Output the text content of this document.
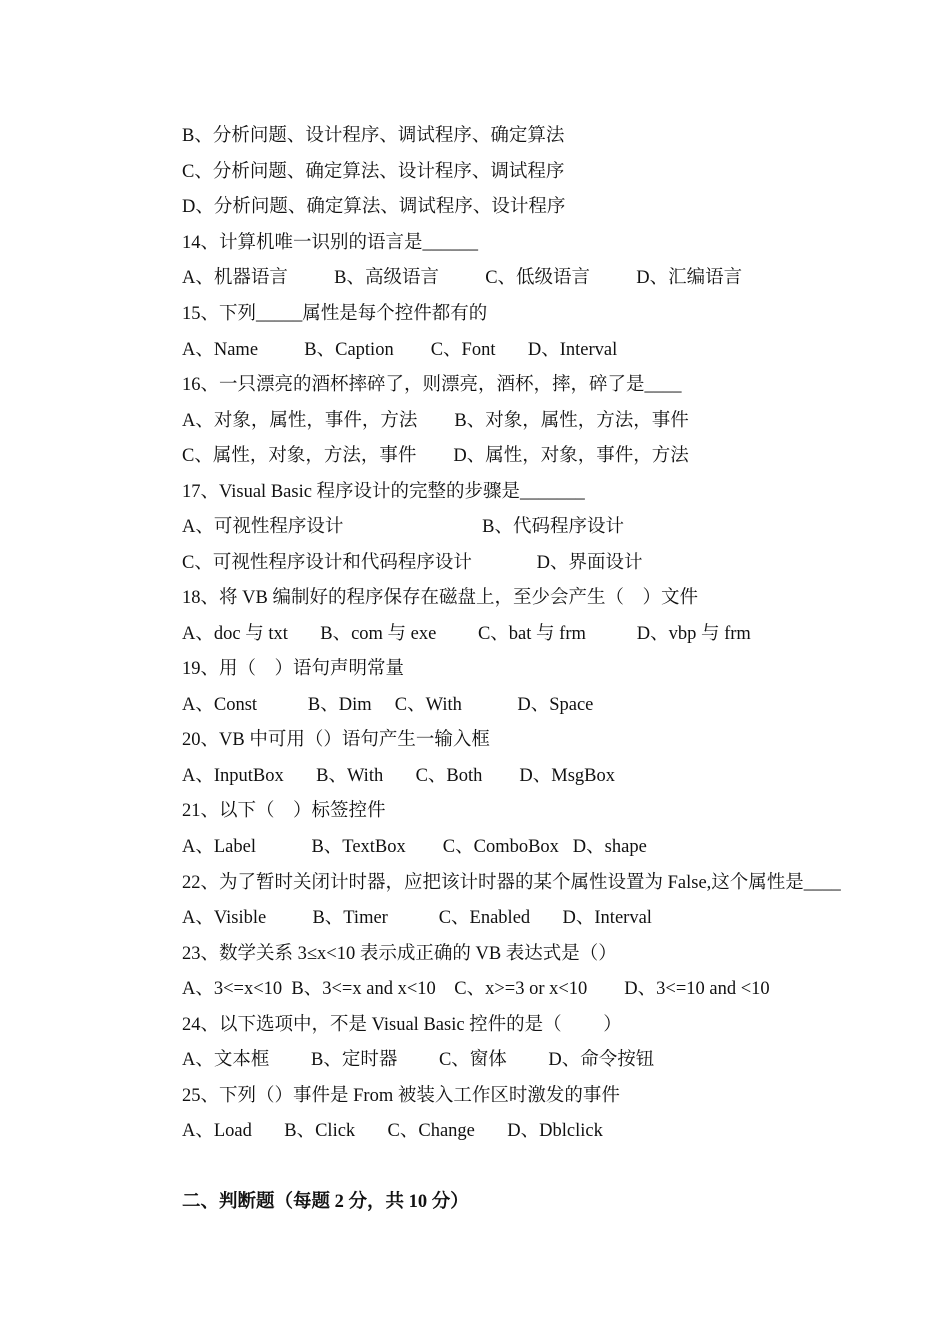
B、分析问题、设计程序、调试程序、确定算法
C、分析问题、确定算法、设计程序、调试程序
D、分析问题、确定算法、调试程序、设计程序
14、计算机唯一识别的语言是______
A、机器语言          B、高级语言          C、低级语言          D、汇编语言
15、下列_____属性是每个控件都有的
A、Name          B、Caption        C、Font       D、Interval
16、一只漂亮的酒杯摔碎了，则漂亮，酒杯，摔，碎了是____
A、对象，属性，事件，方法        B、对象，属性，方法，事件
C、属性，对象，方法，事件        D、属性，对象，事件，方法
17、Visual Basic 程序设计的完整的步骤是_______
A、可视性程序设计                              B、代码程序设计
C、可视性程序设计和代码程序设计              D、界面设计
18、将 VB 编制好的程序保存在磁盘上，至少会产生（    ）文件
A、doc 与 txt       B、com 与 exe         C、bat 与 frm           D、vbp 与 frm
19、用（    ）语句声明常量
A、Const           B、Dim     C、With            D、Space
20、VB 中可用（）语句产生一输入框
A、InputBox       B、With       C、Both        D、MsgBox
21、以下（    ）标签控件
A、Label            B、TextBox        C、ComboBox   D、shape
22、为了暂时关闭计时器，应把该计时器的某个属性设置为 False,这个属性是____
A、Visible          B、Timer           C、Enabled       D、Interval
23、数学关系 3≤x<10 表示成正确的 VB 表达式是（）
A、3<=x<10  B、3<=x and x<10    C、x>=3 or x<10        D、3<=10 and <10
24、以下选项中，不是 Visual Basic 控件的是（         ）
A、文本框         B、定时器         C、窗体         D、命令按钮
25、下列（）事件是 From 被装入工作区时激发的事件
A、Load       B、Click       C、Change       D、Dblclick
二、判断题（每题 2 分，共 10 分）
